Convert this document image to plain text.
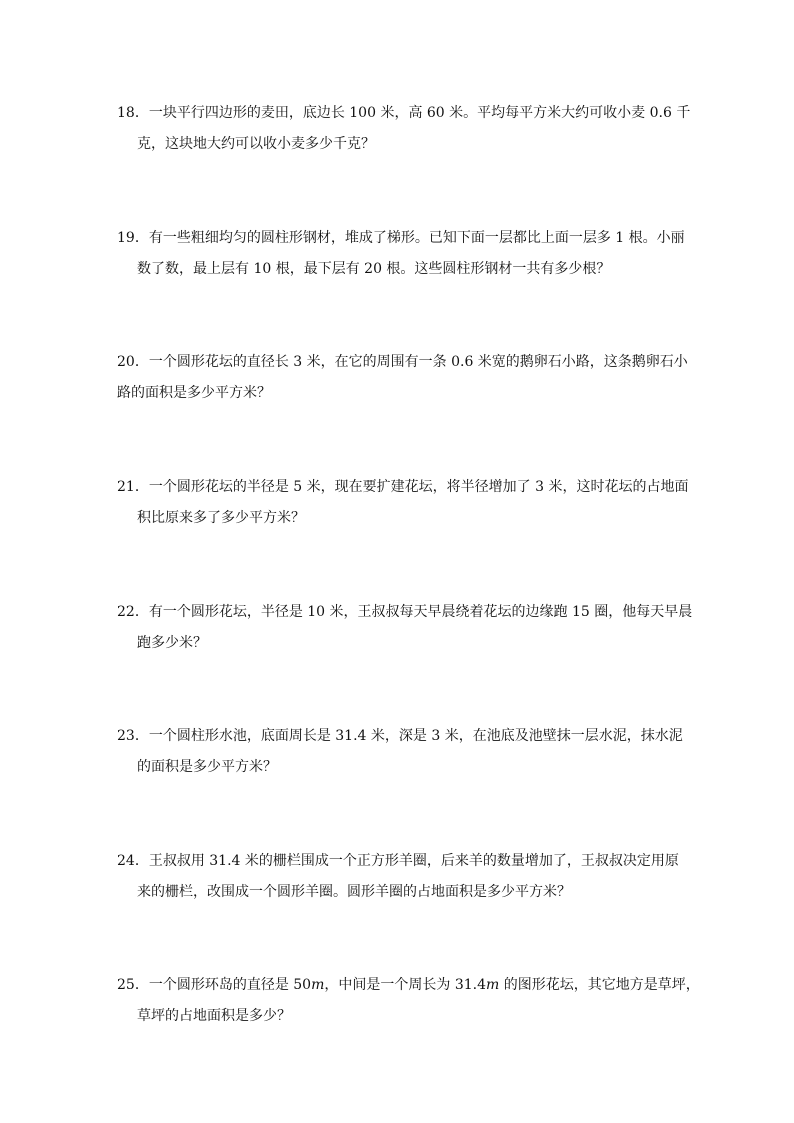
18．一块平行四边形的麦田，底边长 100 米，高 60 米。平均每平方米大约可收小麦 0.6 千
克，这块地大约可以收小麦多少千克？
19．有一些粗细均匀的圆柱形钢材，堆成了梯形。已知下面一层都比上面一层多 1 根。小丽
数了数，最上层有 10 根，最下层有 20 根。这些圆柱形钢材一共有多少根？
20．一个圆形花坛的直径长 3 米，在它的周围有一条 0.6 米宽的鹅卵石小路，这条鹅卵石小
路的面积是多少平方米？
21．一个圆形花坛的半径是 5 米，现在要扩建花坛，将半径增加了 3 米，这时花坛的占地面
积比原来多了多少平方米？
22．有一个圆形花坛，半径是 10 米，王叔叔每天早晨绕着花坛的边缘跑 15 圈，他每天早晨
跑多少米？
23．一个圆柱形水池，底面周长是 31.4 米，深是 3 米，在池底及池壁抹一层水泥，抹水泥
的面积是多少平方米？
24．王叔叔用 31.4 米的栅栏围成一个正方形羊圈，后来羊的数量增加了，王叔叔决定用原
来的栅栏，改围成一个圆形羊圈。圆形羊圈的占地面积是多少平方米？
25．一个圆形环岛的直径是 50m，中间是一个周长为 31.4m 的图形花坛，其它地方是草坪，
草坪的占地面积是多少？
